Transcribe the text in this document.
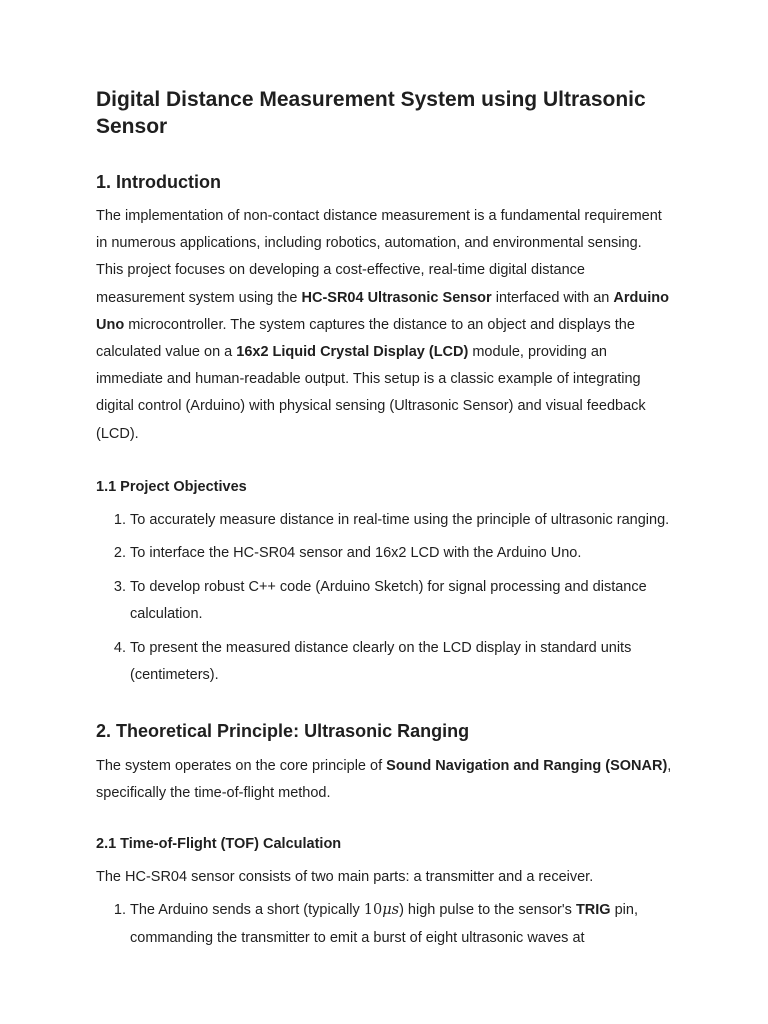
Digital Distance Measurement System using Ultrasonic Sensor
1. Introduction

The implementation of non-contact distance measurement is a fundamental requirement in numerous applications, including robotics, automation, and environmental sensing. This project focuses on developing a cost-effective, real-time digital distance measurement system using the HC-SR04 Ultrasonic Sensor interfaced with an Arduino Uno microcontroller. The system captures the distance to an object and displays the calculated value on a 16x2 Liquid Crystal Display (LCD) module, providing an immediate and human-readable output. This setup is a classic example of integrating digital control (Arduino) with physical sensing (Ultrasonic Sensor) and visual feedback (LCD).

1.1 Project Objectives
1. To accurately measure distance in real-time using the principle of ultrasonic ranging.
2. To interface the HC-SR04 sensor and 16x2 LCD with the Arduino Uno.
3. To develop robust C++ code (Arduino Sketch) for signal processing and distance calculation.
4. To present the measured distance clearly on the LCD display in standard units (centimeters).
2. Theoretical Principle: Ultrasonic Ranging

The system operates on the core principle of Sound Navigation and Ranging (SONAR), specifically the time-of-flight method.

2.1 Time-of-Flight (TOF) Calculation

The HC-SR04 sensor consists of two main parts: a transmitter and a receiver.

1. The Arduino sends a short (typically 10μs) high pulse to the sensor's TRIG pin, commanding the transmitter to emit a burst of eight ultrasonic waves at
